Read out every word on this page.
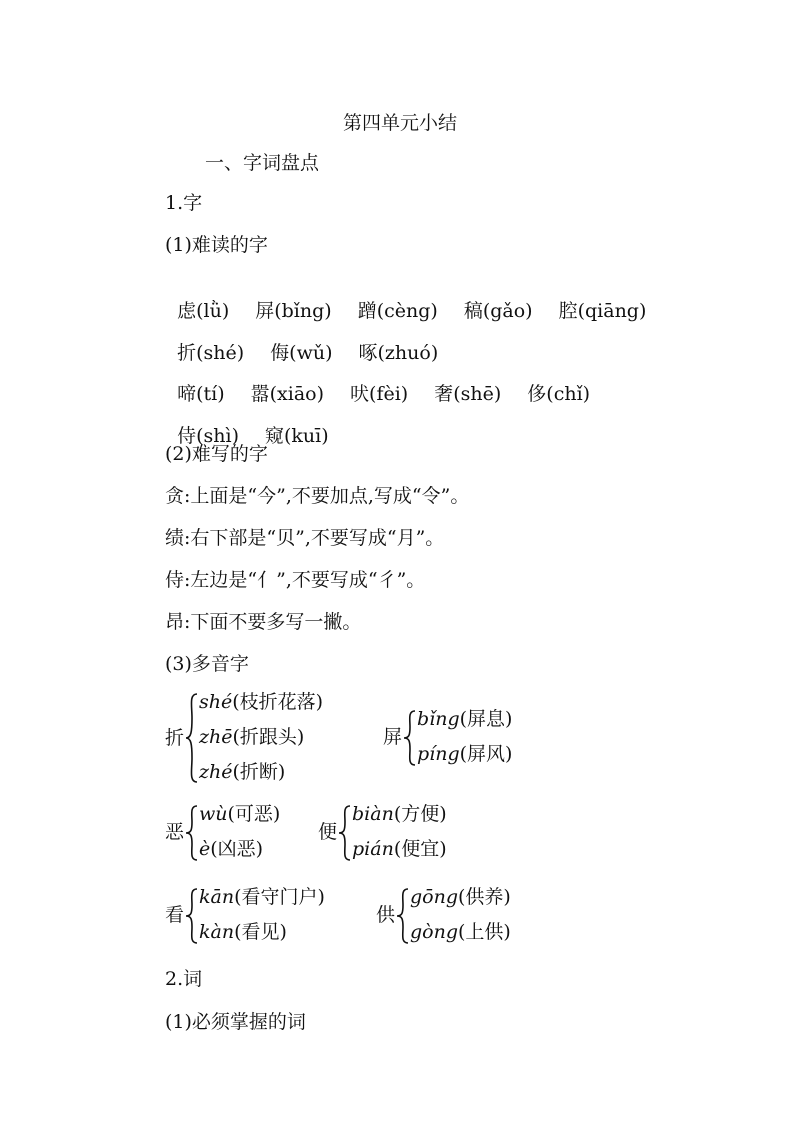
第四单元小结
一、字词盘点
1.字
(1)难读的字

虑(lǜ) 屏(bǐng) 蹭(cèng) 稿(gǎo) 腔(qiāng)

折(shé) 侮(wǔ) 啄(zhuó)

啼(tí) 嚣(xiāo) 吠(fèi) 奢(shē) 侈(chǐ)

侍(shì) 窥(kuī)

(2)难写的字
贪:上面是“今”,不要加点,写成“令”。
绩:右下部是“贝”,不要写成“月”。
侍:左边是“亻”,不要写成“彳”。
昂:下面不要多写一撇。
(3)多音字
折
shé(枝折花落)
zhē(折跟头)
zhé(折断)
屏
bǐng(屏息)
píng(屏风)
恶
wù(可恶)
è(凶恶)
便
biàn(方便)
pián(便宜)
看
kān(看守门户)
kàn(看见)
供
gōng(供养)
gòng(上供)
2.词
(1)必须掌握的词
